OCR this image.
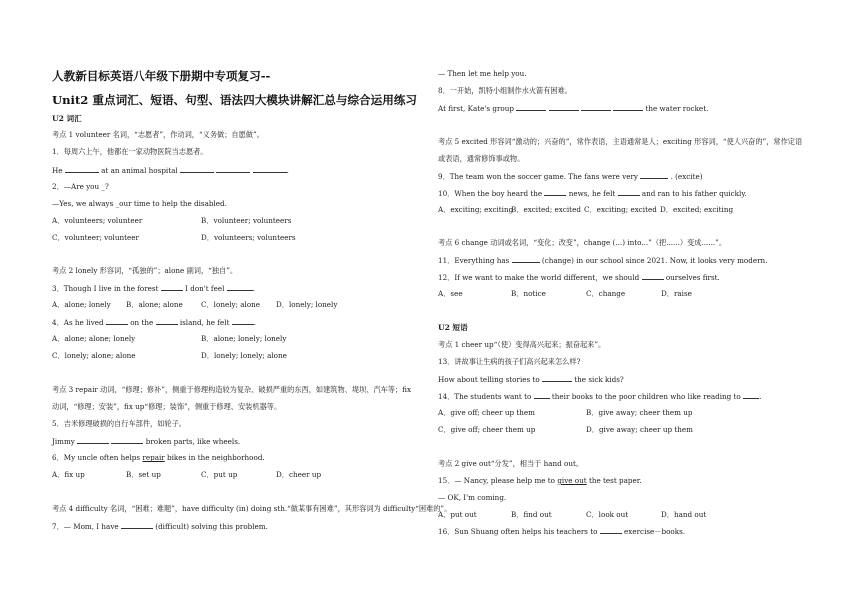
人教新目标英语八年级下册期中专项复习--
Unit2 重点词汇、短语、句型、语法四大模块讲解汇总与综合运用练习
U2 词汇
考点 1 volunteer 名词，“志愿者”，作动词，“义务做；自愿做”。
1．每周六上午，他都在一家动物医院当志愿者。
He	at an animal hospital	.
2．—Are you _?
—Yes, we always _our time to help the disabled.
A．volunteers; volunteer	B．volunteer; volunteers
C．volunteer; volunteer	D．volunteers; volunteers
考点 2 lonely 形容词，“孤独的”；alone 副词，“独自”。
3．Though I live in the forest	I don't feel	.
A．alone; lonely B．alone; alone	C．lonely; alone D．lonely; lonely
4．As he lived	on the	island, he felt	.
A．alone; alone; lonely	B．alone; lonely; lonely
C．lonely; alone; alone	D．lonely; lonely; alone
考点 3 repair 动词，“修理；修补”，侧重于修理构造较为复杂、破损严重的东西，如建筑物、堤坝、汽车等；fix
动词，“修理；安装”，fix up“修理；装饰”，侧重于修理、安装机器等。
5．吉米修理破损的自行车部件，如轮子。
Jimmy	broken parts, like wheels.
6．My uncle often helps repair bikes in the neighborhood.
A．fix up	B．set up	C．put up	D．cheer up
考点 4 difficulty 名词，“困难；难题”，have difficulty (in) doing sth.“做某事有困难”，其形容词为 difficulty“困难的”。
7．— Mom, I have	(difficult) solving this problem.
— Then let me help you.
8．一开始，凯特小组制作水火箭有困难。
At first, Kate's group	the water rocket.
考点 5 excited 形容词“激动的；兴奋的”，常作表语，主语通常是人；exciting 形容词，“使人兴奋的”，常作定语
或表语，通常修饰事或物。
9．The team won the soccer game. The fans were very	. (excite)
10．When the boy heard the	news, he felt	and ran to his father quickly.
A．exciting; exciting
B．excited; excited C．exciting; excited D．excited; exciting
考点 6 change 动词或名词，“变化；改变”，change (...) into...”（把......）变成......”。
11．Everything has	(change) in our school since 2021. Now, it looks very modern.
12．If we want to make the world different，we should	ourselves first.
A．see	B．notice	C．change	D．raise
U2 短语
考点 1 cheer up“（使）变得高兴起来；振奋起来”。
13．讲故事让生病的孩子们高兴起来怎么样?
How about telling stories to	the sick kids?
14．The students want to	their books to the poor children who like reading to	.
A．give off; cheer up them	B．give away; cheer them up
C．give off; cheer them up	D．give away; cheer up them
考点 2 give out“分发”，相当于 hand out。
15．— Nancy, please help me to give out the test paper.
— OK, I'm coming.
A．put out	B．find out	C．look out	D．hand out
16．Sun Shuang often helps his teachers to	exercise－books.
